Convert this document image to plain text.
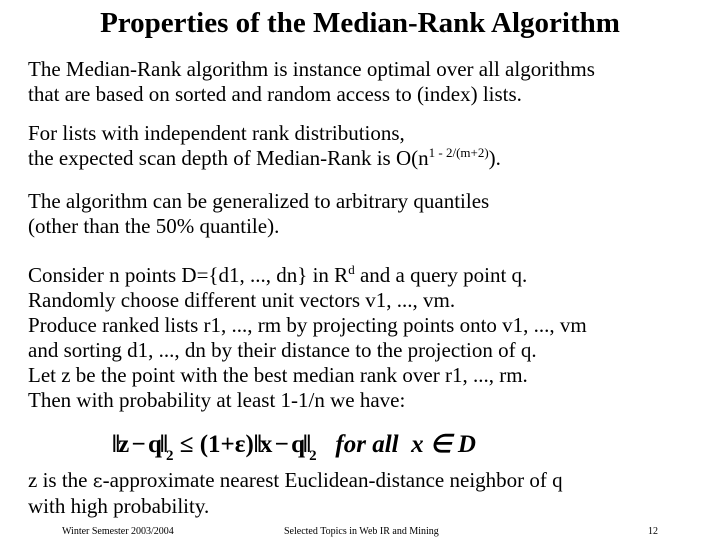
Properties of the Median-Rank Algorithm
The Median-Rank algorithm is instance optimal over all algorithms
that are based on sorted and random access to (index) lists.
For lists with independent rank distributions,
the expected scan depth of Median-Rank is $O(n^{1 - 2/(m+2)})$.
The algorithm can be generalized to arbitrary quantiles
(other than the 50% quantile).
Consider n points D={d1, ..., dn} in $R^d$ and a query point q.
Randomly choose different unit vectors v1, ..., vm.
Produce ranked lists r1, ..., rm by projecting points onto v1, ..., vm
and sorting d1, ..., dn by their distance to the projection of q.
Let z be the point with the best median rank over r1, ..., rm.
Then with probability at least 1-1/n we have:
‖z − $q‖_2$ ≤ (1+ε)‖x − $q‖_2$   for all  x ∈ D
z is the ε-approximate nearest Euclidean-distance neighbor of q
with high probability.
Winter Semester 2003/2004	Selected Topics in Web IR and Mining	12
